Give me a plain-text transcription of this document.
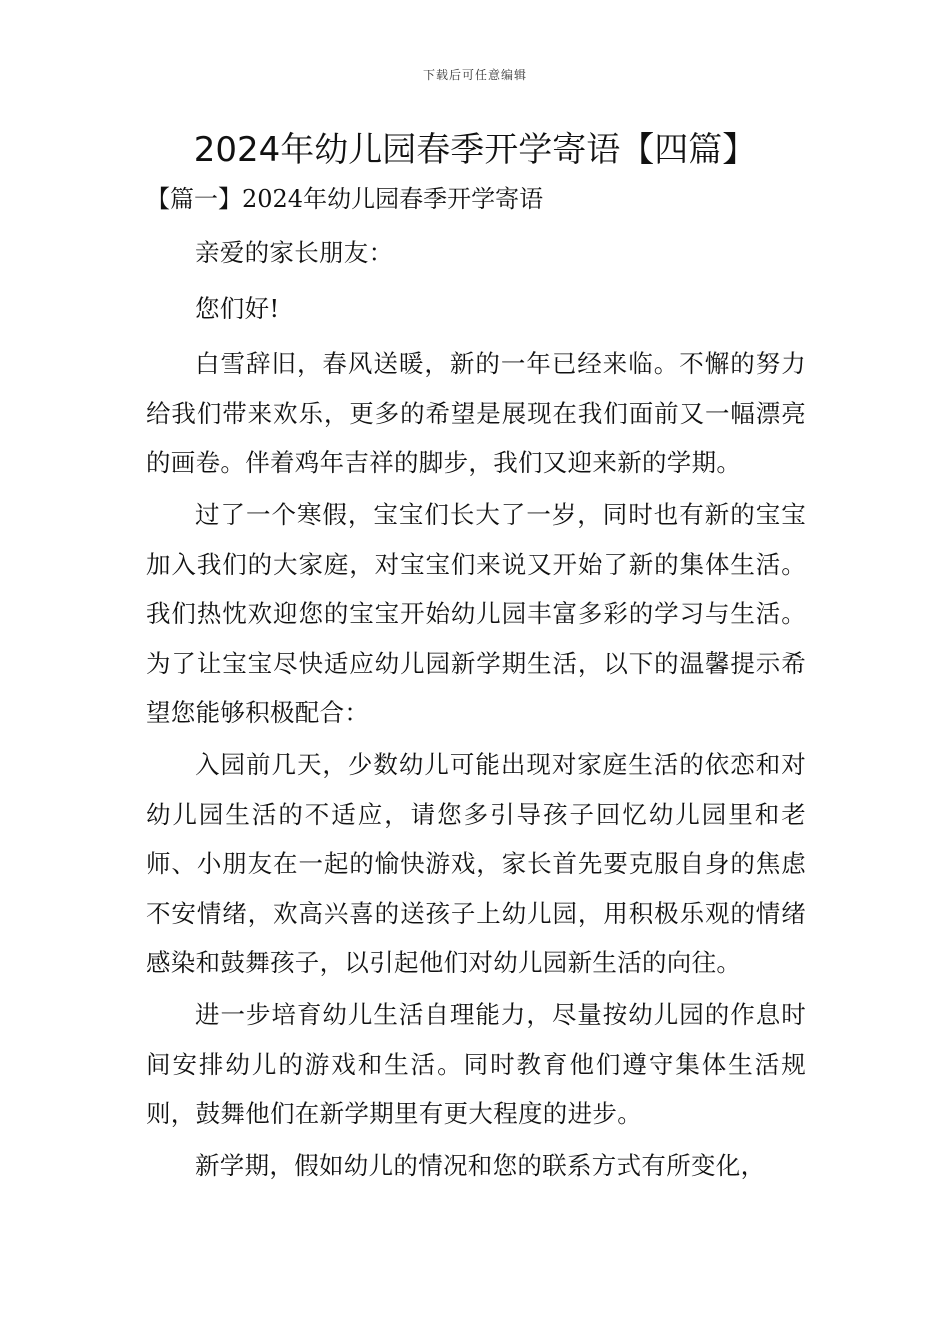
下载后可任意编辑
2024年幼儿园春季开学寄语【四篇】
【篇一】2024年幼儿园春季开学寄语

亲爱的家长朋友：

您们好!

白雪辞旧，春风送暖，新的一年已经来临。不懈的努力给我们带来欢乐，更多的希望是展现在我们面前又一幅漂亮的画卷。伴着鸡年吉祥的脚步，我们又迎来新的学期。

过了一个寒假，宝宝们长大了一岁，同时也有新的宝宝加入我们的大家庭，对宝宝们来说又开始了新的集体生活。我们热忱欢迎您的宝宝开始幼儿园丰富多彩的学习与生活。为了让宝宝尽快适应幼儿园新学期生活，以下的温馨提示希望您能够积极配合：

入园前几天，少数幼儿可能出现对家庭生活的依恋和对幼儿园生活的不适应，请您多引导孩子回忆幼儿园里和老师、小朋友在一起的愉快游戏，家长首先要克服自身的焦虑不安情绪，欢高兴喜的送孩子上幼儿园，用积极乐观的情绪感染和鼓舞孩子，以引起他们对幼儿园新生活的向往。

进一步培育幼儿生活自理能力，尽量按幼儿园的作息时间安排幼儿的游戏和生活。同时教育他们遵守集体生活规则，鼓舞他们在新学期里有更大程度的进步。

新学期，假如幼儿的情况和您的联系方式有所变化，
